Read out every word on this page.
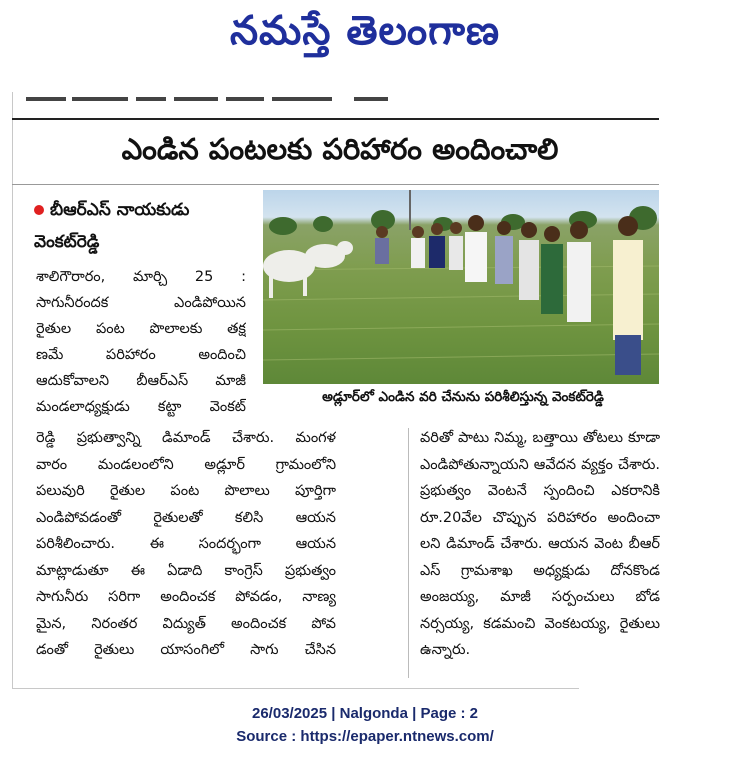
నమస్తే తెలంగాణ
ఎండిన పంటలకు పరిహారం అందించాలి
బీఆర్ఎస్ నాయకుడు
వెంకట్‌రెడ్డి

శాలిగౌరారం, మార్చి 25 :

సాగునీరందక ఎండిపోయిన

రైతుల పంట పొలాలకు తక్ష

ణమే పరిహారం అందించి

ఆదుకోవాలని బీఆర్ఎస్ మాజీ

మండలాధ్యక్షుడు కట్టా వెంకట్

అడ్లూర్‌లో ఎండిన వరి చేనును పరిశీలిస్తున్న వెంకట్‌రెడ్డి

రెడ్డి ప్రభుత్వాన్ని డిమాండ్ చేశారు. మంగళ

వారం మండలంలోని అడ్లూర్ గ్రామంలోని

పలువురి రైతుల పంట పొలాలు పూర్తిగా

ఎండిపోవడంతో రైతులతో కలిసి ఆయన

పరిశీలించారు. ఈ సందర్భంగా ఆయన

మాట్లాడుతూ ఈ ఏడాది కాంగ్రెస్ ప్రభుత్వం

సాగునీరు సరిగా అందించక పోవడం, నాణ్య

మైన, నిరంతర విద్యుత్ అందించక పోవ

డంతో రైతులు యాసంగిలో సాగు చేసిన

వరితో పాటు నిమ్మ, బత్తాయి తోటలు కూడా

ఎండిపోతున్నాయని ఆవేదన వ్యక్తం చేశారు.

ప్రభుత్వం వెంటనే స్పందించి ఎకరానికి

రూ.20వేల చొప్పున పరిహారం అందించా

లని డిమాండ్ చేశారు. ఆయన వెంట బీఆర్

ఎస్ గ్రామశాఖ అధ్యక్షుడు దోనకొండ

అంజయ్య, మాజీ సర్పంచులు బోడ

నర్సయ్య, కడమంచి వెంకటయ్య, రైతులు

ఉన్నారు.

26/03/2025 | Nalgonda | Page : 2
Source : https://epaper.ntnews.com/
